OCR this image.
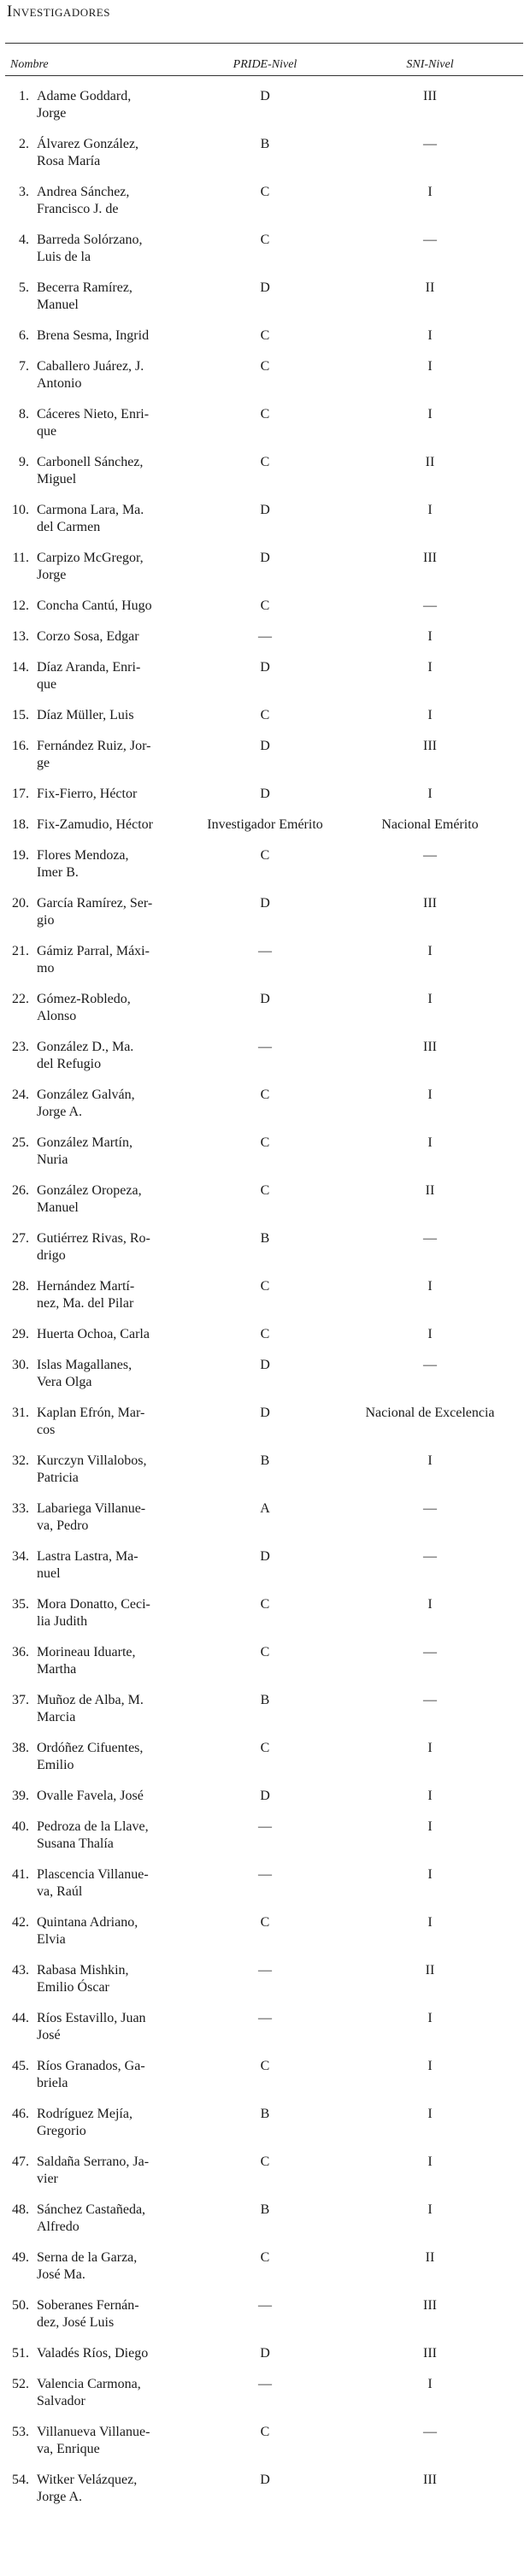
Investigadores
Nombre	PRIDE-Nivel	SNI-Nivel
1. Adame Goddard,
Jorge
D	III
2. Álvarez González,
Rosa María
B	—
3. Andrea Sánchez,
Francisco J. de
C	I
4. Barreda Solórzano,
Luis de la
C	—
5. Becerra Ramírez,
Manuel
D	II
6. Brena Sesma, Ingrid	C	I
7. Caballero Juárez, J.
Antonio
C	I
8. Cáceres Nieto, Enri-
que
C	I
9. Carbonell Sánchez,
Miguel
C	II
10. Carmona Lara, Ma.
del Carmen
D	I
11. Carpizo McGregor,
Jorge
D	III
12. Concha Cantú, Hugo	C	—
13. Corzo Sosa, Edgar	—	I
14. Díaz Aranda, Enri-
que
D	I
15. Díaz Müller, Luis	C	I
16. Fernández Ruiz, Jor-
ge
D	III
17. Fix-Fierro, Héctor	D	I
18. Fix-Zamudio, Héctor	Investigador Emérito	Nacional Emérito
19. Flores Mendoza,
Imer B.
C	—
20. García Ramírez, Ser-
gio
D	III
21. Gámiz Parral, Máxi-
mo
—	I
22. Gómez-Robledo,
Alonso
D	I
23. González D., Ma.
del Refugio
—	III
24. González Galván,
Jorge A.
C	I
25. González Martín,
Nuria
C	I
26. González Oropeza,
Manuel
C	II
27. Gutiérrez Rivas, Ro-
drigo
B	—
28. Hernández Martí-
nez, Ma. del Pilar
C	I
29. Huerta Ochoa, Carla	C	I
30. Islas Magallanes,
Vera Olga
D	—
31. Kaplan Efrón, Mar-
cos
D	Nacional de Excelencia
32. Kurczyn Villalobos,
Patricia
B	I
33. Labariega Villanue-
va, Pedro
A	—
34. Lastra Lastra, Ma-
nuel
D	—
35. Mora Donatto, Ceci-
lia Judith
C	I
36. Morineau Iduarte,
Martha
C	—
37. Muñoz de Alba, M.
Marcia
B	—
38. Ordóñez Cifuentes,
Emilio
C	I
39. Ovalle Favela, José	D	I
40. Pedroza de la Llave,
Susana Thalía
—	I
41. Plascencia Villanue-
va, Raúl
—	I
42. Quintana Adriano,
Elvia
C	I
43. Rabasa Mishkin,
Emilio Óscar
—	II
44. Ríos Estavillo, Juan
José
—	I
45. Ríos Granados, Ga-
briela
C	I
46. Rodríguez Mejía,
Gregorio
B	I
47. Saldaña Serrano, Ja-
vier
C	I
48. Sánchez Castañeda,
Alfredo
B	I
49. Serna de la Garza,
José Ma.
C	II
50. Soberanes Fernán-
dez, José Luis
—	III
51. Valadés Ríos, Diego	D	III
52. Valencia Carmona,
Salvador
—	I
53. Villanueva Villanue-
va, Enrique
C	—
54. Witker Velázquez,
Jorge A.
D	III
